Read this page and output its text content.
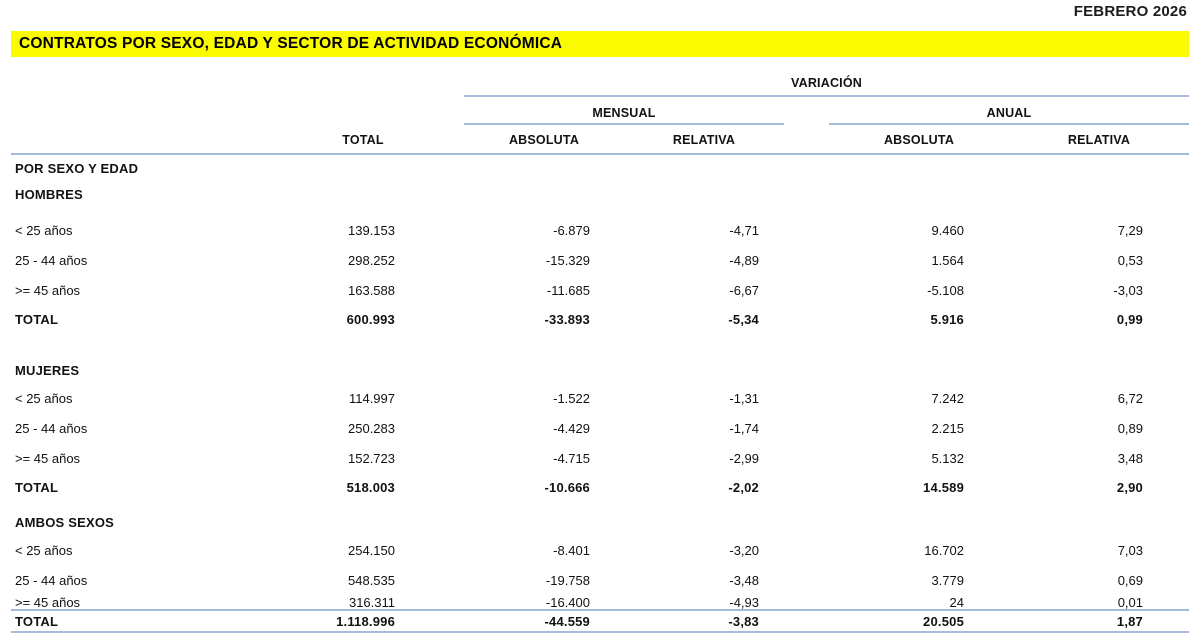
FEBRERO 2026
CONTRATOS POR SEXO, EDAD Y SECTOR DE ACTIVIDAD ECONÓMICA
VARIACIÓN
MENSUAL	ANUAL
TOTAL	ABSOLUTA	RELATIVA	ABSOLUTA	RELATIVA
POR SEXO Y EDAD
HOMBRES
< 25 años	139.153	-6.879	-4,71	9.460	7,29
25 - 44 años	298.252	-15.329	-4,89	1.564	0,53
>= 45 años	163.588	-11.685	-6,67	-5.108	-3,03
TOTAL	600.993	-33.893	-5,34	5.916	0,99
MUJERES
< 25 años	114.997	-1.522	-1,31	7.242	6,72
25 - 44 años	250.283	-4.429	-1,74	2.215	0,89
>= 45 años	152.723	-4.715	-2,99	5.132	3,48
TOTAL	518.003	-10.666	-2,02	14.589	2,90
AMBOS SEXOS
< 25 años	254.150	-8.401	-3,20	16.702	7,03
25 - 44 años	548.535	-19.758	-3,48	3.779	0,69
>= 45 años	316.311	-16.400	-4,93	24	0,01
TOTAL	1.118.996	-44.559	-3,83	20.505	1,87
